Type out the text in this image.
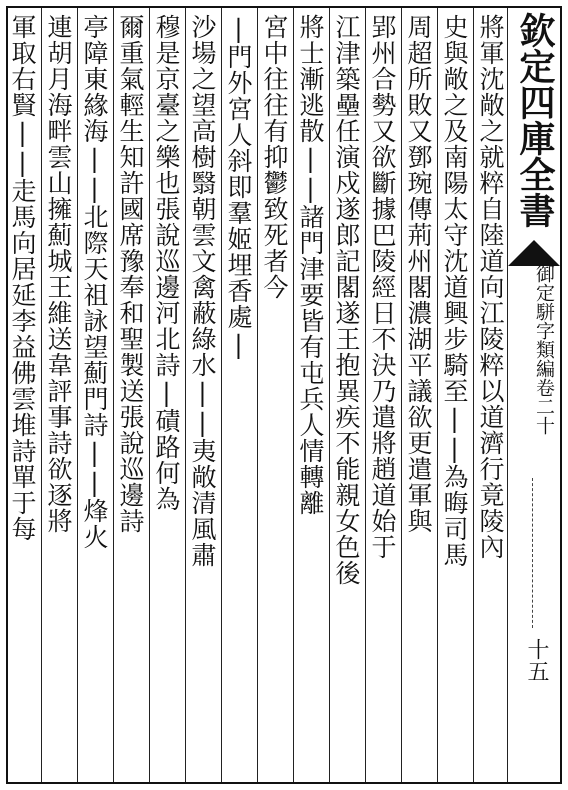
欽定四庫全書
御定駢字類編卷二十
十五
將軍沈敞之就粹自陸道向江陵粹以道濟行竟陵內
史與敞之及南陽太守沈道興步騎至||為晦司馬
周超所敗又鄧琬傳荊州閣濃湖平議欲更遣軍與
郢州合勢又欲斷據巴陵經日不決乃遣將趙道始于
江津築壘任演戍遂郎記閣遂王抱異疾不能親女色後
將士漸逃散||諸門津要皆有屯兵人情轉離
宮中往往有抑鬱致死者今
|門外宮人斜即羣姬埋香處|
沙場之望高樹翳朝雲文禽蔽綠水||夷敞清風肅
穆是京臺之樂也張說巡邊河北詩|磧路何為
爾重氣輕生知許國席豫奉和聖製送張說巡邊詩
亭障東緣海||北際天祖詠望薊門詩||烽火
連胡月海畔雲山擁薊城王維送韋評事詩欲逐將
軍取右賢||走馬向居延李益佛雲堆詩單于每
